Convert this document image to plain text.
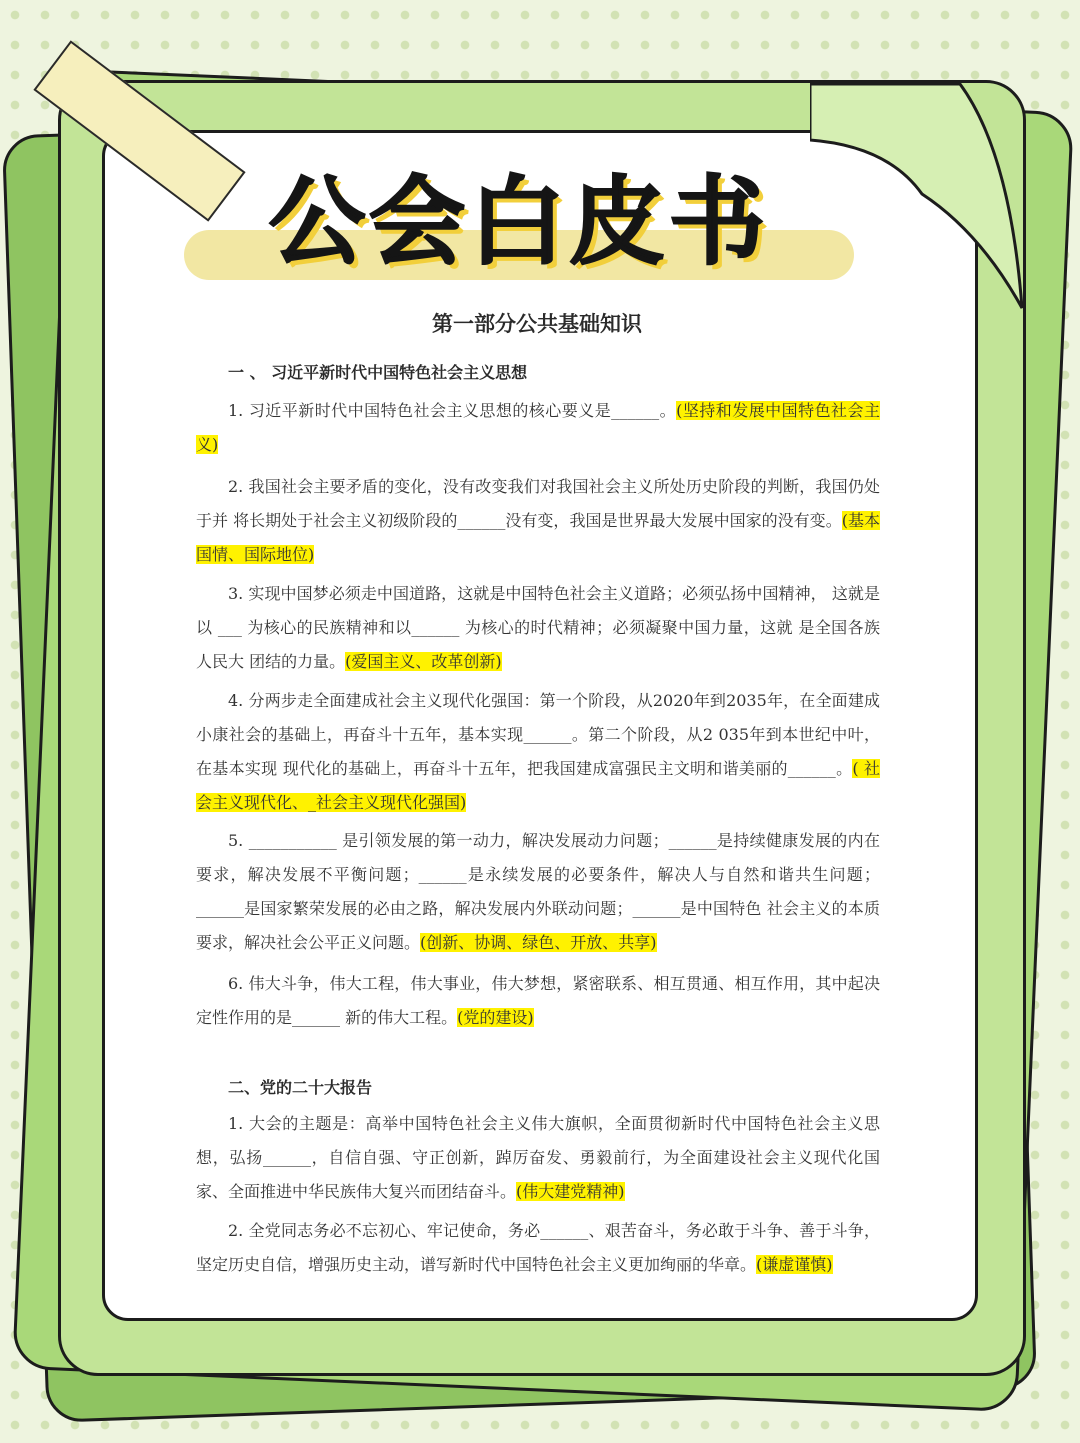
公会白皮书
第一部分公共基础知识
一 、 习近平新时代中国特色社会主义思想
1. 习近平新时代中国特色社会主义思想的核心要义是______。(坚持和发展中国特色社会主义)
2. 我国社会主要矛盾的变化，没有改变我们对我国社会主义所处历史阶段的判断，我国仍处于并 将长期处于社会主义初级阶段的______没有变，我国是世界最大发展中国家的没有变。(基本国情、国际地位)
3. 实现中国梦必须走中国道路，这就是中国特色社会主义道路；必须弘扬中国精神， 这就是以 ___ 为核心的民族精神和以______ 为核心的时代精神；必须凝聚中国力量，这就 是全国各族人民大 团结的力量。(爱国主义、改革创新)
4. 分两步走全面建成社会主义现代化强国：第一个阶段，从2020年到2035年，在全面建成小康社会的基础上，再奋斗十五年，基本实现______。第二个阶段，从2 035年到本世纪中叶，在基本实现 现代化的基础上，再奋斗十五年，把我国建成富强民主文明和谐美丽的______。( 社会主义现代化、_社会主义现代化强国)
5. ___________ 是引领发展的第一动力，解决发展动力问题；______是持续健康发展的内在要求，解决发展不平衡问题；______是永续发展的必要条件，解决人与自然和谐共生问题；______是国家繁荣发展的必由之路，解决发展内外联动问题；______是中国特色 社会主义的本质要求，解决社会公平正义问题。(创新、协调、绿色、开放、共享)
6. 伟大斗争，伟大工程，伟大事业，伟大梦想，紧密联系、相互贯通、相互作用，其中起决定性作用的是______ 新的伟大工程。(党的建设)
二、党的二十大报告
1. 大会的主题是：高举中国特色社会主义伟大旗帜，全面贯彻新时代中国特色社会主义思想，弘扬______，自信自强、守正创新，踔厉奋发、勇毅前行，为全面建设社会主义现代化国家、全面推进中华民族伟大复兴而团结奋斗。(伟大建党精神)
2. 全党同志务必不忘初心、牢记使命，务必______、艰苦奋斗，务必敢于斗争、善于斗争，坚定历史自信，增强历史主动，谱写新时代中国特色社会主义更加绚丽的华章。(谦虚谨慎)
